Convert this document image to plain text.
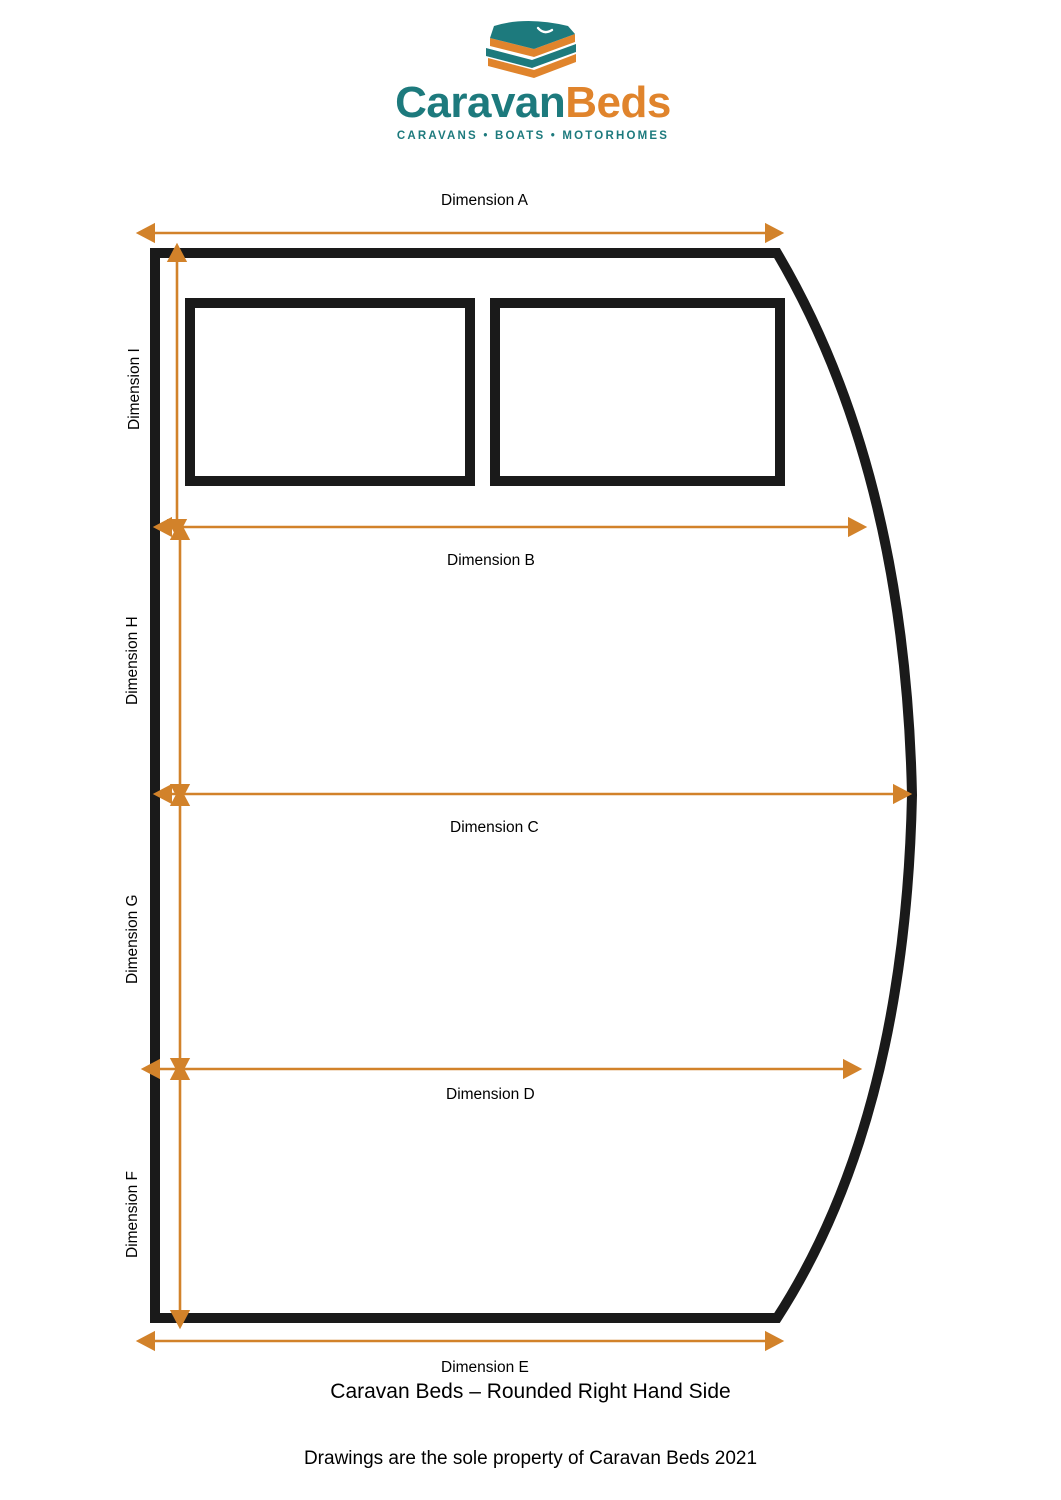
CaravanBeds
CARAVANS • BOATS • MOTORHOMES
Dimension A
Dimension B
Dimension C
Dimension D
Dimension E
Dimension I
Dimension H
Dimension G
Dimension F
Caravan Beds – Rounded Right Hand Side
Drawings are the sole property of Caravan Beds 2021
